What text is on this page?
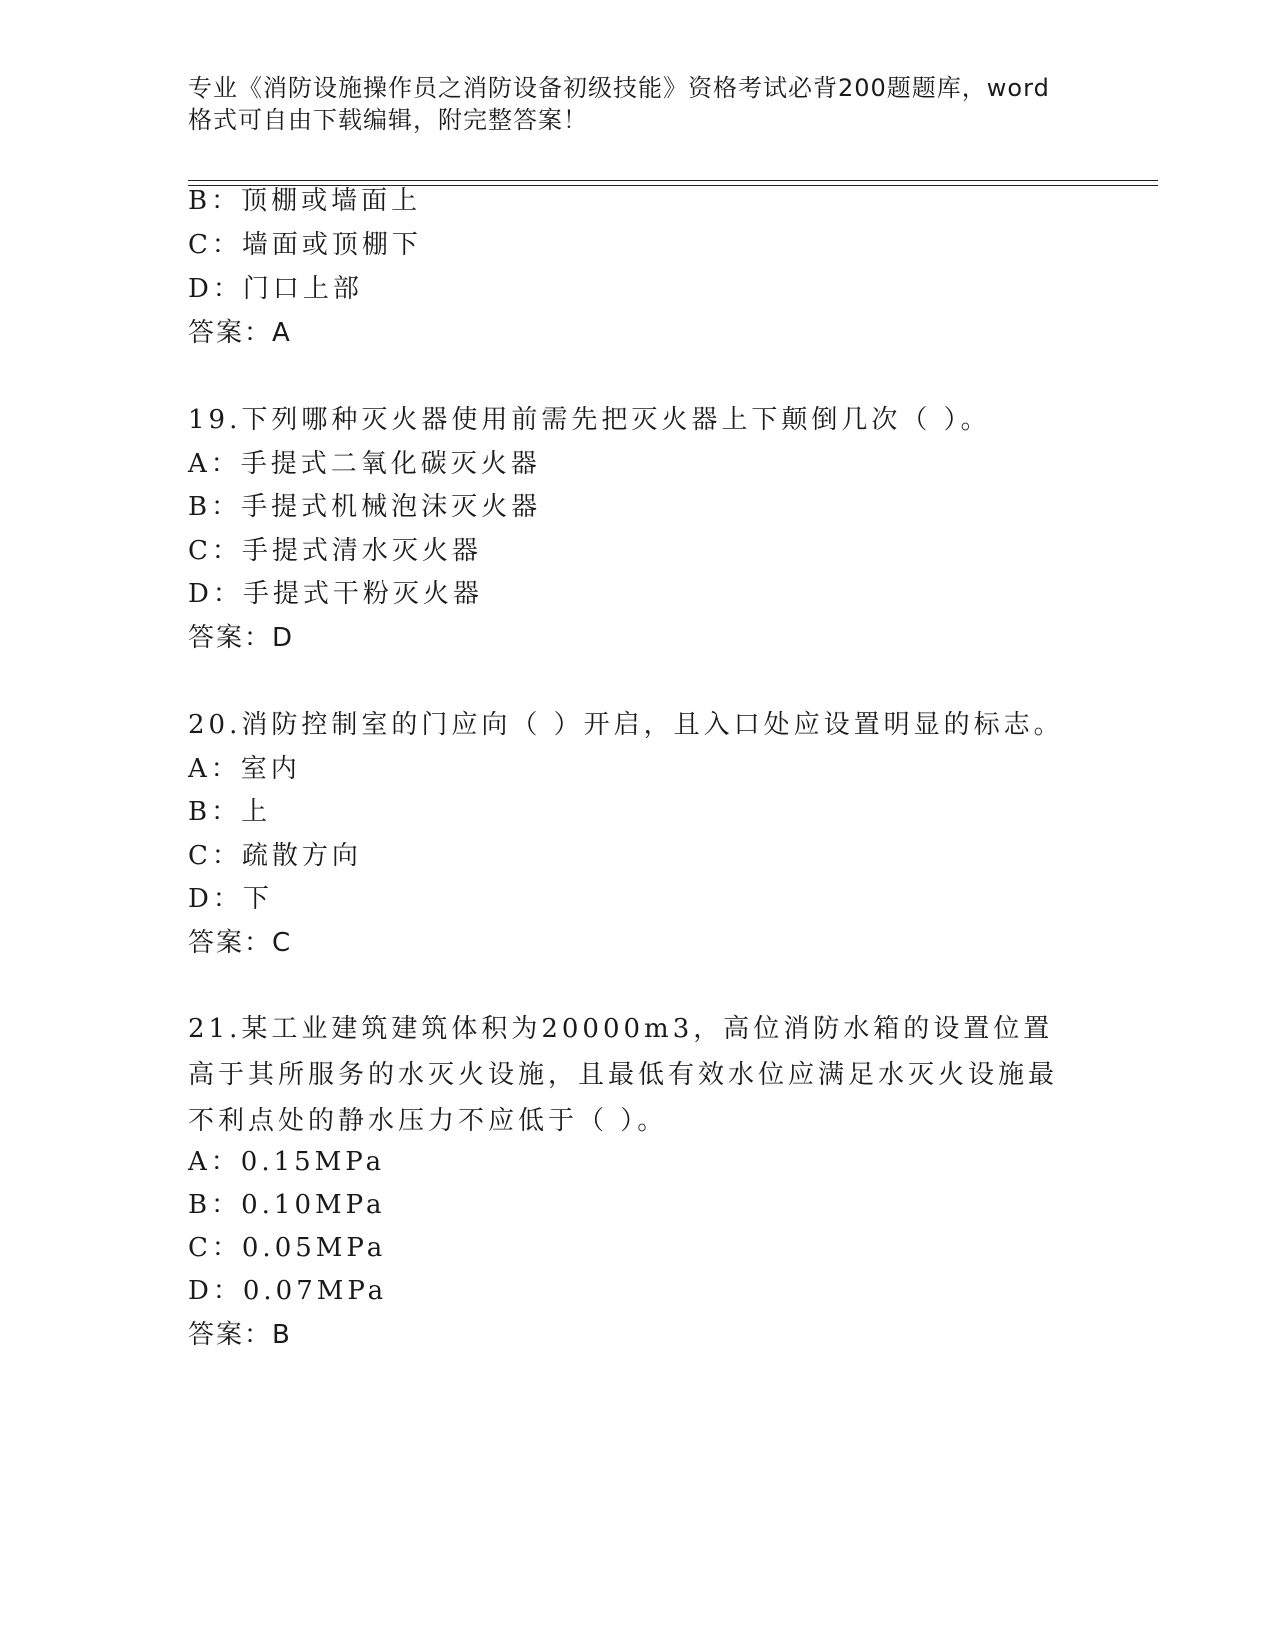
专业《消防设施操作员之消防设备初级技能》资格考试必背200题题库，word格式可自由下载编辑，附完整答案！
B：顶棚或墙面上
C：墙面或顶棚下
D：门口上部
答案：A
19.下列哪种灭火器使用前需先把灭火器上下颠倒几次（ ）。
A：手提式二氧化碳灭火器
B：手提式机械泡沫灭火器
C：手提式清水灭火器
D：手提式干粉灭火器
答案：D
20.消防控制室的门应向（ ）开启，且入口处应设置明显的标志。
A：室内
B：上
C：疏散方向
D：下
答案：C
21.某工业建筑建筑体积为20000m3，高位消防水箱的设置位置高于其所服务的水灭火设施，且最低有效水位应满足水灭火设施最不利点处的静水压力不应低于（ ）。
A：0.15MPa
B：0.10MPa
C：0.05MPa
D：0.07MPa
答案：B
